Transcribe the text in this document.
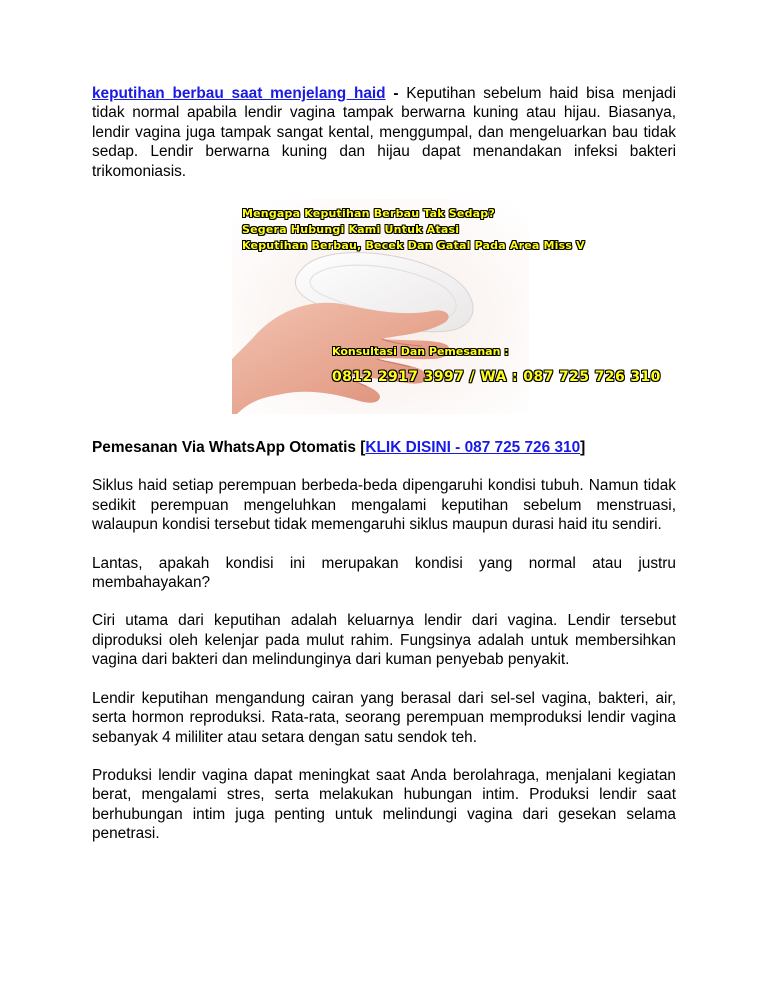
keputihan berbau saat menjelang haid - Keputihan sebelum haid bisa menjadi tidak normal apabila lendir vagina tampak berwarna kuning atau hijau. Biasanya, lendir vagina juga tampak sangat kental, menggumpal, dan mengeluarkan bau tidak sedap. Lendir berwarna kuning dan hijau dapat menandakan infeksi bakteri trikomoniasis.

Mengapa Keputihan Berbau Tak Sedap?
Segera Hubungi Kami Untuk Atasi
Keputihan Berbau, Becek Dan Gatal Pada Area Miss V
Konsultasi Dan Pemesanan :
0812 2917 3997 / WA : 087 725 726 310

Pemesanan Via WhatsApp Otomatis [KLIK DISINI - 087 725 726 310]

Siklus haid setiap perempuan berbeda-beda dipengaruhi kondisi tubuh. Namun tidak sedikit perempuan mengeluhkan mengalami keputihan sebelum menstruasi, walaupun kondisi tersebut tidak memengaruhi siklus maupun durasi haid itu sendiri.

Lantas, apakah kondisi ini merupakan kondisi yang normal atau justru membahayakan?

Ciri utama dari keputihan adalah keluarnya lendir dari vagina. Lendir tersebut diproduksi oleh kelenjar pada mulut rahim. Fungsinya adalah untuk membersihkan vagina dari bakteri dan melindunginya dari kuman penyebab penyakit.

Lendir keputihan mengandung cairan yang berasal dari sel-sel vagina, bakteri, air, serta hormon reproduksi. Rata-rata, seorang perempuan memproduksi lendir vagina sebanyak 4 mililiter atau setara dengan satu sendok teh.

Produksi lendir vagina dapat meningkat saat Anda berolahraga, menjalani kegiatan berat, mengalami stres, serta melakukan hubungan intim. Produksi lendir saat berhubungan intim juga penting untuk melindungi vagina dari gesekan selama penetrasi.
